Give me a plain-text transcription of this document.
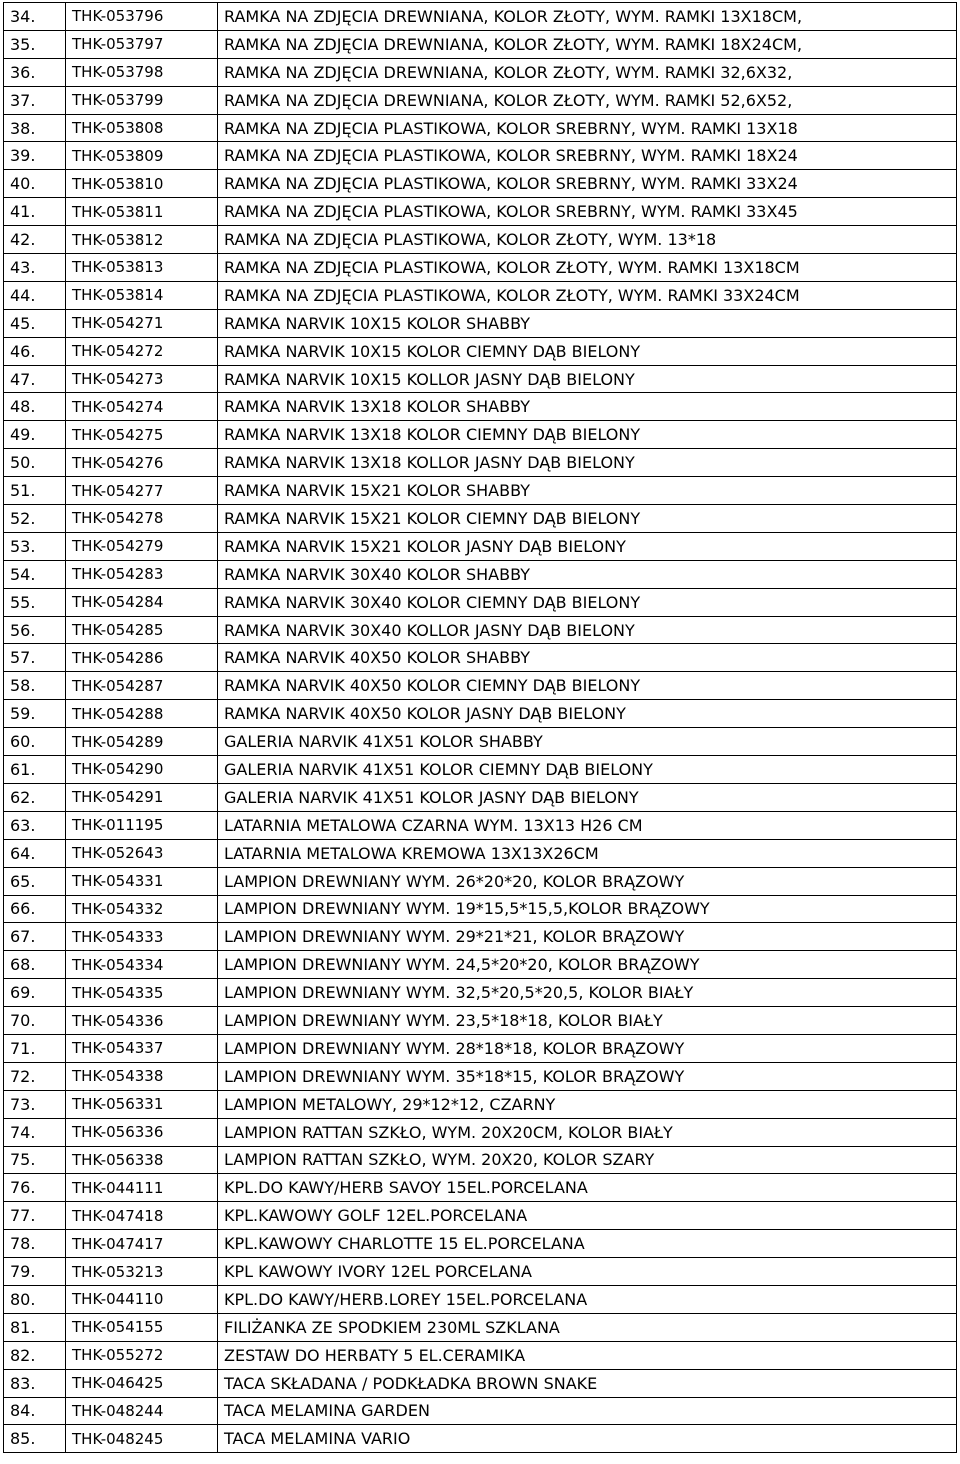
34.	THK-053796	RAMKA NA ZDJĘCIA DREWNIANA, KOLOR ZŁOTY, WYM. RAMKI 13X18CM,
35.	THK-053797	RAMKA NA ZDJĘCIA DREWNIANA, KOLOR ZŁOTY, WYM. RAMKI 18X24CM,
36.	THK-053798	RAMKA NA ZDJĘCIA DREWNIANA, KOLOR ZŁOTY, WYM. RAMKI 32,6X32,
37.	THK-053799	RAMKA NA ZDJĘCIA DREWNIANA, KOLOR ZŁOTY, WYM. RAMKI 52,6X52,
38.	THK-053808	RAMKA NA ZDJĘCIA PLASTIKOWA, KOLOR SREBRNY, WYM. RAMKI 13X18
39.	THK-053809	RAMKA NA ZDJĘCIA PLASTIKOWA, KOLOR SREBRNY, WYM. RAMKI 18X24
40.	THK-053810	RAMKA NA ZDJĘCIA PLASTIKOWA, KOLOR SREBRNY, WYM. RAMKI 33X24
41.	THK-053811	RAMKA NA ZDJĘCIA PLASTIKOWA, KOLOR SREBRNY, WYM. RAMKI 33X45
42.	THK-053812	RAMKA NA ZDJĘCIA PLASTIKOWA, KOLOR ZŁOTY, WYM. 13*18
43.	THK-053813	RAMKA NA ZDJĘCIA PLASTIKOWA, KOLOR ZŁOTY, WYM. RAMKI 13X18CM
44.	THK-053814	RAMKA NA ZDJĘCIA PLASTIKOWA, KOLOR ZŁOTY, WYM. RAMKI 33X24CM
45.	THK-054271	RAMKA NARVIK 10X15 KOLOR SHABBY
46.	THK-054272	RAMKA NARVIK 10X15 KOLOR CIEMNY DĄB BIELONY
47.	THK-054273	RAMKA NARVIK 10X15 KOLLOR JASNY DĄB BIELONY
48.	THK-054274	RAMKA NARVIK 13X18 KOLOR SHABBY
49.	THK-054275	RAMKA NARVIK 13X18 KOLOR CIEMNY DĄB BIELONY
50.	THK-054276	RAMKA NARVIK 13X18 KOLLOR JASNY DĄB BIELONY
51.	THK-054277	RAMKA NARVIK 15X21 KOLOR SHABBY
52.	THK-054278	RAMKA NARVIK 15X21 KOLOR CIEMNY DĄB BIELONY
53.	THK-054279	RAMKA NARVIK 15X21 KOLOR JASNY DĄB BIELONY
54.	THK-054283	RAMKA NARVIK 30X40 KOLOR SHABBY
55.	THK-054284	RAMKA NARVIK 30X40 KOLOR CIEMNY DĄB BIELONY
56.	THK-054285	RAMKA NARVIK 30X40 KOLLOR JASNY DĄB BIELONY
57.	THK-054286	RAMKA NARVIK 40X50 KOLOR SHABBY
58.	THK-054287	RAMKA NARVIK 40X50 KOLOR CIEMNY DĄB BIELONY
59.	THK-054288	RAMKA NARVIK 40X50 KOLOR JASNY DĄB BIELONY
60.	THK-054289	GALERIA NARVIK 41X51 KOLOR SHABBY
61.	THK-054290	GALERIA NARVIK 41X51 KOLOR CIEMNY DĄB BIELONY
62.	THK-054291	GALERIA NARVIK 41X51 KOLOR JASNY DĄB BIELONY
63.	THK-011195	LATARNIA METALOWA CZARNA WYM. 13X13 H26 CM
64.	THK-052643	LATARNIA METALOWA KREMOWA 13X13X26CM
65.	THK-054331	LAMPION DREWNIANY WYM. 26*20*20, KOLOR BRĄZOWY
66.	THK-054332	LAMPION DREWNIANY WYM. 19*15,5*15,5,KOLOR BRĄZOWY
67.	THK-054333	LAMPION DREWNIANY WYM. 29*21*21, KOLOR BRĄZOWY
68.	THK-054334	LAMPION DREWNIANY WYM. 24,5*20*20, KOLOR BRĄZOWY
69.	THK-054335	LAMPION DREWNIANY WYM. 32,5*20,5*20,5, KOLOR BIAŁY
70.	THK-054336	LAMPION DREWNIANY WYM. 23,5*18*18, KOLOR BIAŁY
71.	THK-054337	LAMPION DREWNIANY WYM. 28*18*18, KOLOR BRĄZOWY
72.	THK-054338	LAMPION DREWNIANY WYM. 35*18*15, KOLOR BRĄZOWY
73.	THK-056331	LAMPION METALOWY, 29*12*12, CZARNY
74.	THK-056336	LAMPION RATTAN SZKŁO, WYM. 20X20CM, KOLOR BIAŁY
75.	THK-056338	LAMPION RATTAN SZKŁO, WYM. 20X20, KOLOR SZARY
76.	THK-044111	KPL.DO KAWY/HERB SAVOY 15EL.PORCELANA
77.	THK-047418	KPL.KAWOWY GOLF 12EL.PORCELANA
78.	THK-047417	KPL.KAWOWY CHARLOTTE 15 EL.PORCELANA
79.	THK-053213	KPL KAWOWY IVORY 12EL PORCELANA
80.	THK-044110	KPL.DO KAWY/HERB.LOREY 15EL.PORCELANA
81.	THK-054155	FILIŻANKA ZE SPODKIEM 230ML SZKLANA
82.	THK-055272	ZESTAW DO HERBATY 5 EL.CERAMIKA
83.	THK-046425	TACA SKŁADANA / PODKŁADKA BROWN SNAKE
84.	THK-048244	TACA MELAMINA GARDEN
85.	THK-048245	TACA MELAMINA VARIO
